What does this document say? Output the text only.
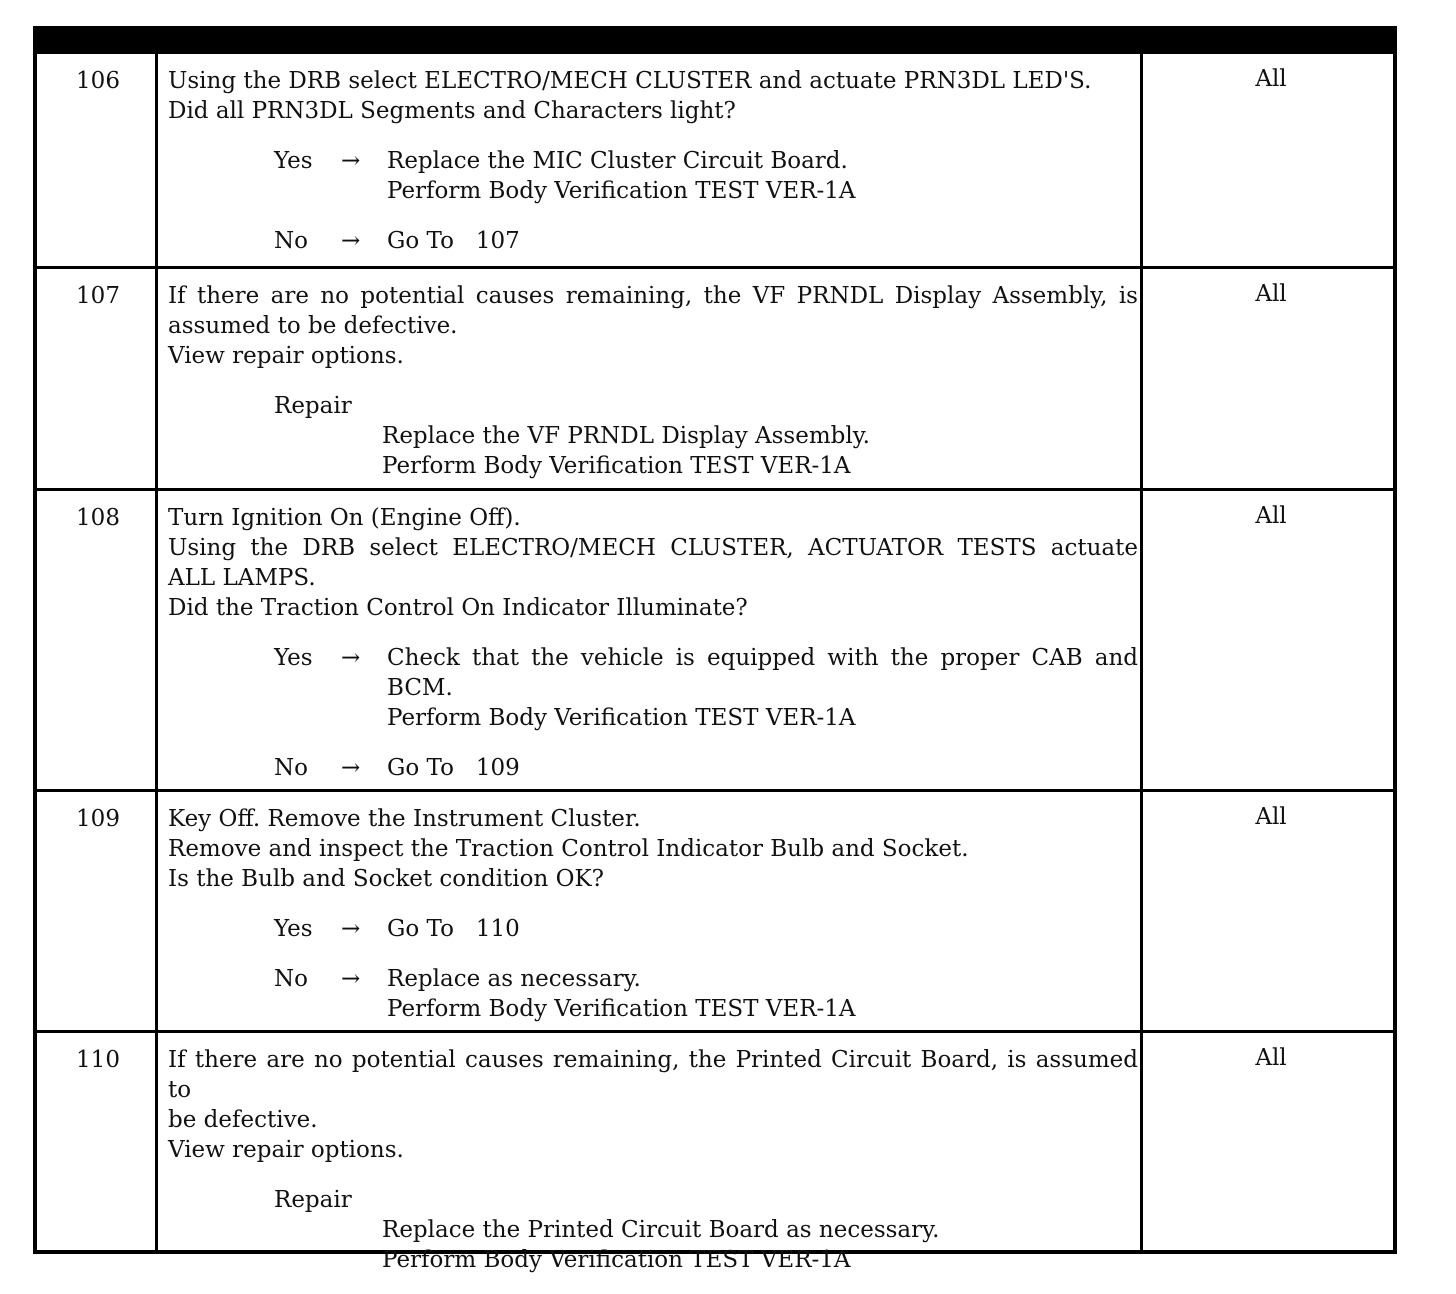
106	Using the DRB select ELECTRO/MECH CLUSTER and actuate PRN3DL LED'S.
Did all PRN3DL Segments and Characters light?
Yes → Replace the MIC Cluster Circuit Board.
Perform Body Verification TEST VER-1A
No → Go To   107
All
107	If there are no potential causes remaining, the VF PRNDL Display Assembly, is
assumed to be defective.
View repair options.
Repair
Replace the VF PRNDL Display Assembly.
Perform Body Verification TEST VER-1A
All
108	Turn Ignition On (Engine Off).
Using the DRB select ELECTRO/MECH CLUSTER, ACTUATOR TESTS actuate
ALL LAMPS.
Did the Traction Control On Indicator Illuminate?
Yes → Check that the vehicle is equipped with the proper CAB and
BCM.
Perform Body Verification TEST VER-1A
No → Go To   109
All
109	Key Off. Remove the Instrument Cluster.
Remove and inspect the Traction Control Indicator Bulb and Socket.
Is the Bulb and Socket condition OK?
Yes → Go To   110
No → Replace as necessary.
Perform Body Verification TEST VER-1A
All
110	If there are no potential causes remaining, the Printed Circuit Board, is assumed to
be defective.
View repair options.
Repair
Replace the Printed Circuit Board as necessary.
Perform Body Verification TEST VER-1A
All
